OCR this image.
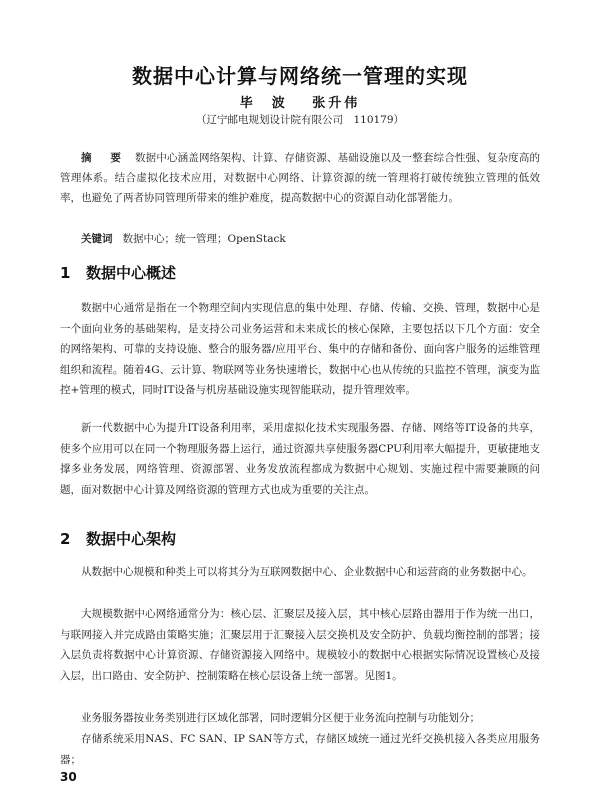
数据中心计算与网络统一管理的实现
毕　波 张升伟
（辽宁邮电规划设计院有限公司　110179）
摘　要 数据中心涵盖网络架构、计算、存储资源、基础设施以及一整套综合性强、复杂度高的管理体系。结合虚拟化技术应用，对数据中心网络、计算资源的统一管理将打破传统独立管理的低效率，也避免了两者协同管理所带来的维护难度，提高数据中心的资源自动化部署能力。
关键词 数据中心；统一管理；OpenStack
1 数据中心概述
数据中心通常是指在一个物理空间内实现信息的集中处理、存储、传输、交换、管理，数据中心是一个面向业务的基础架构，是支持公司业务运营和未来成长的核心保障，主要包括以下几个方面：安全的网络架构、可靠的支持设施、整合的服务器/应用平台、集中的存储和备份、面向客户服务的运维管理组织和流程。随着4G、云计算、物联网等业务快速增长，数据中心也从传统的只监控不管理，演变为监控+管理的模式，同时IT设备与机房基础设施实现智能联动，提升管理效率。
新一代数据中心为提升IT设备利用率，采用虚拟化技术实现服务器、存储、网络等IT设备的共享，使多个应用可以在同一个物理服务器上运行，通过资源共享使服务器CPU利用率大幅提升，更敏捷地支撑多业务发展，网络管理、资源部署、业务发放流程都成为数据中心规划、实施过程中需要兼顾的问题，面对数据中心计算及网络资源的管理方式也成为重要的关注点。
2 数据中心架构
从数据中心规模和种类上可以将其分为互联网数据中心、企业数据中心和运营商的业务数据中心。
大规模数据中心网络通常分为：核心层、汇聚层及接入层，其中核心层路由器用于作为统一出口，与联网接入并完成路由策略实施；汇聚层用于汇聚接入层交换机及安全防护、负载均衡控制的部署；接入层负责将数据中心计算资源、存储资源接入网络中。规模较小的数据中心根据实际情况设置核心及接入层，出口路由、安全防护、控制策略在核心层设备上统一部署。见图1。
业务服务器按业务类别进行区域化部署，同时逻辑分区便于业务流向控制与功能划分；
存储系统采用NAS、FC SAN、IP SAN等方式，存储区域统一通过光纤交换机接入各类应用服务器；
30
